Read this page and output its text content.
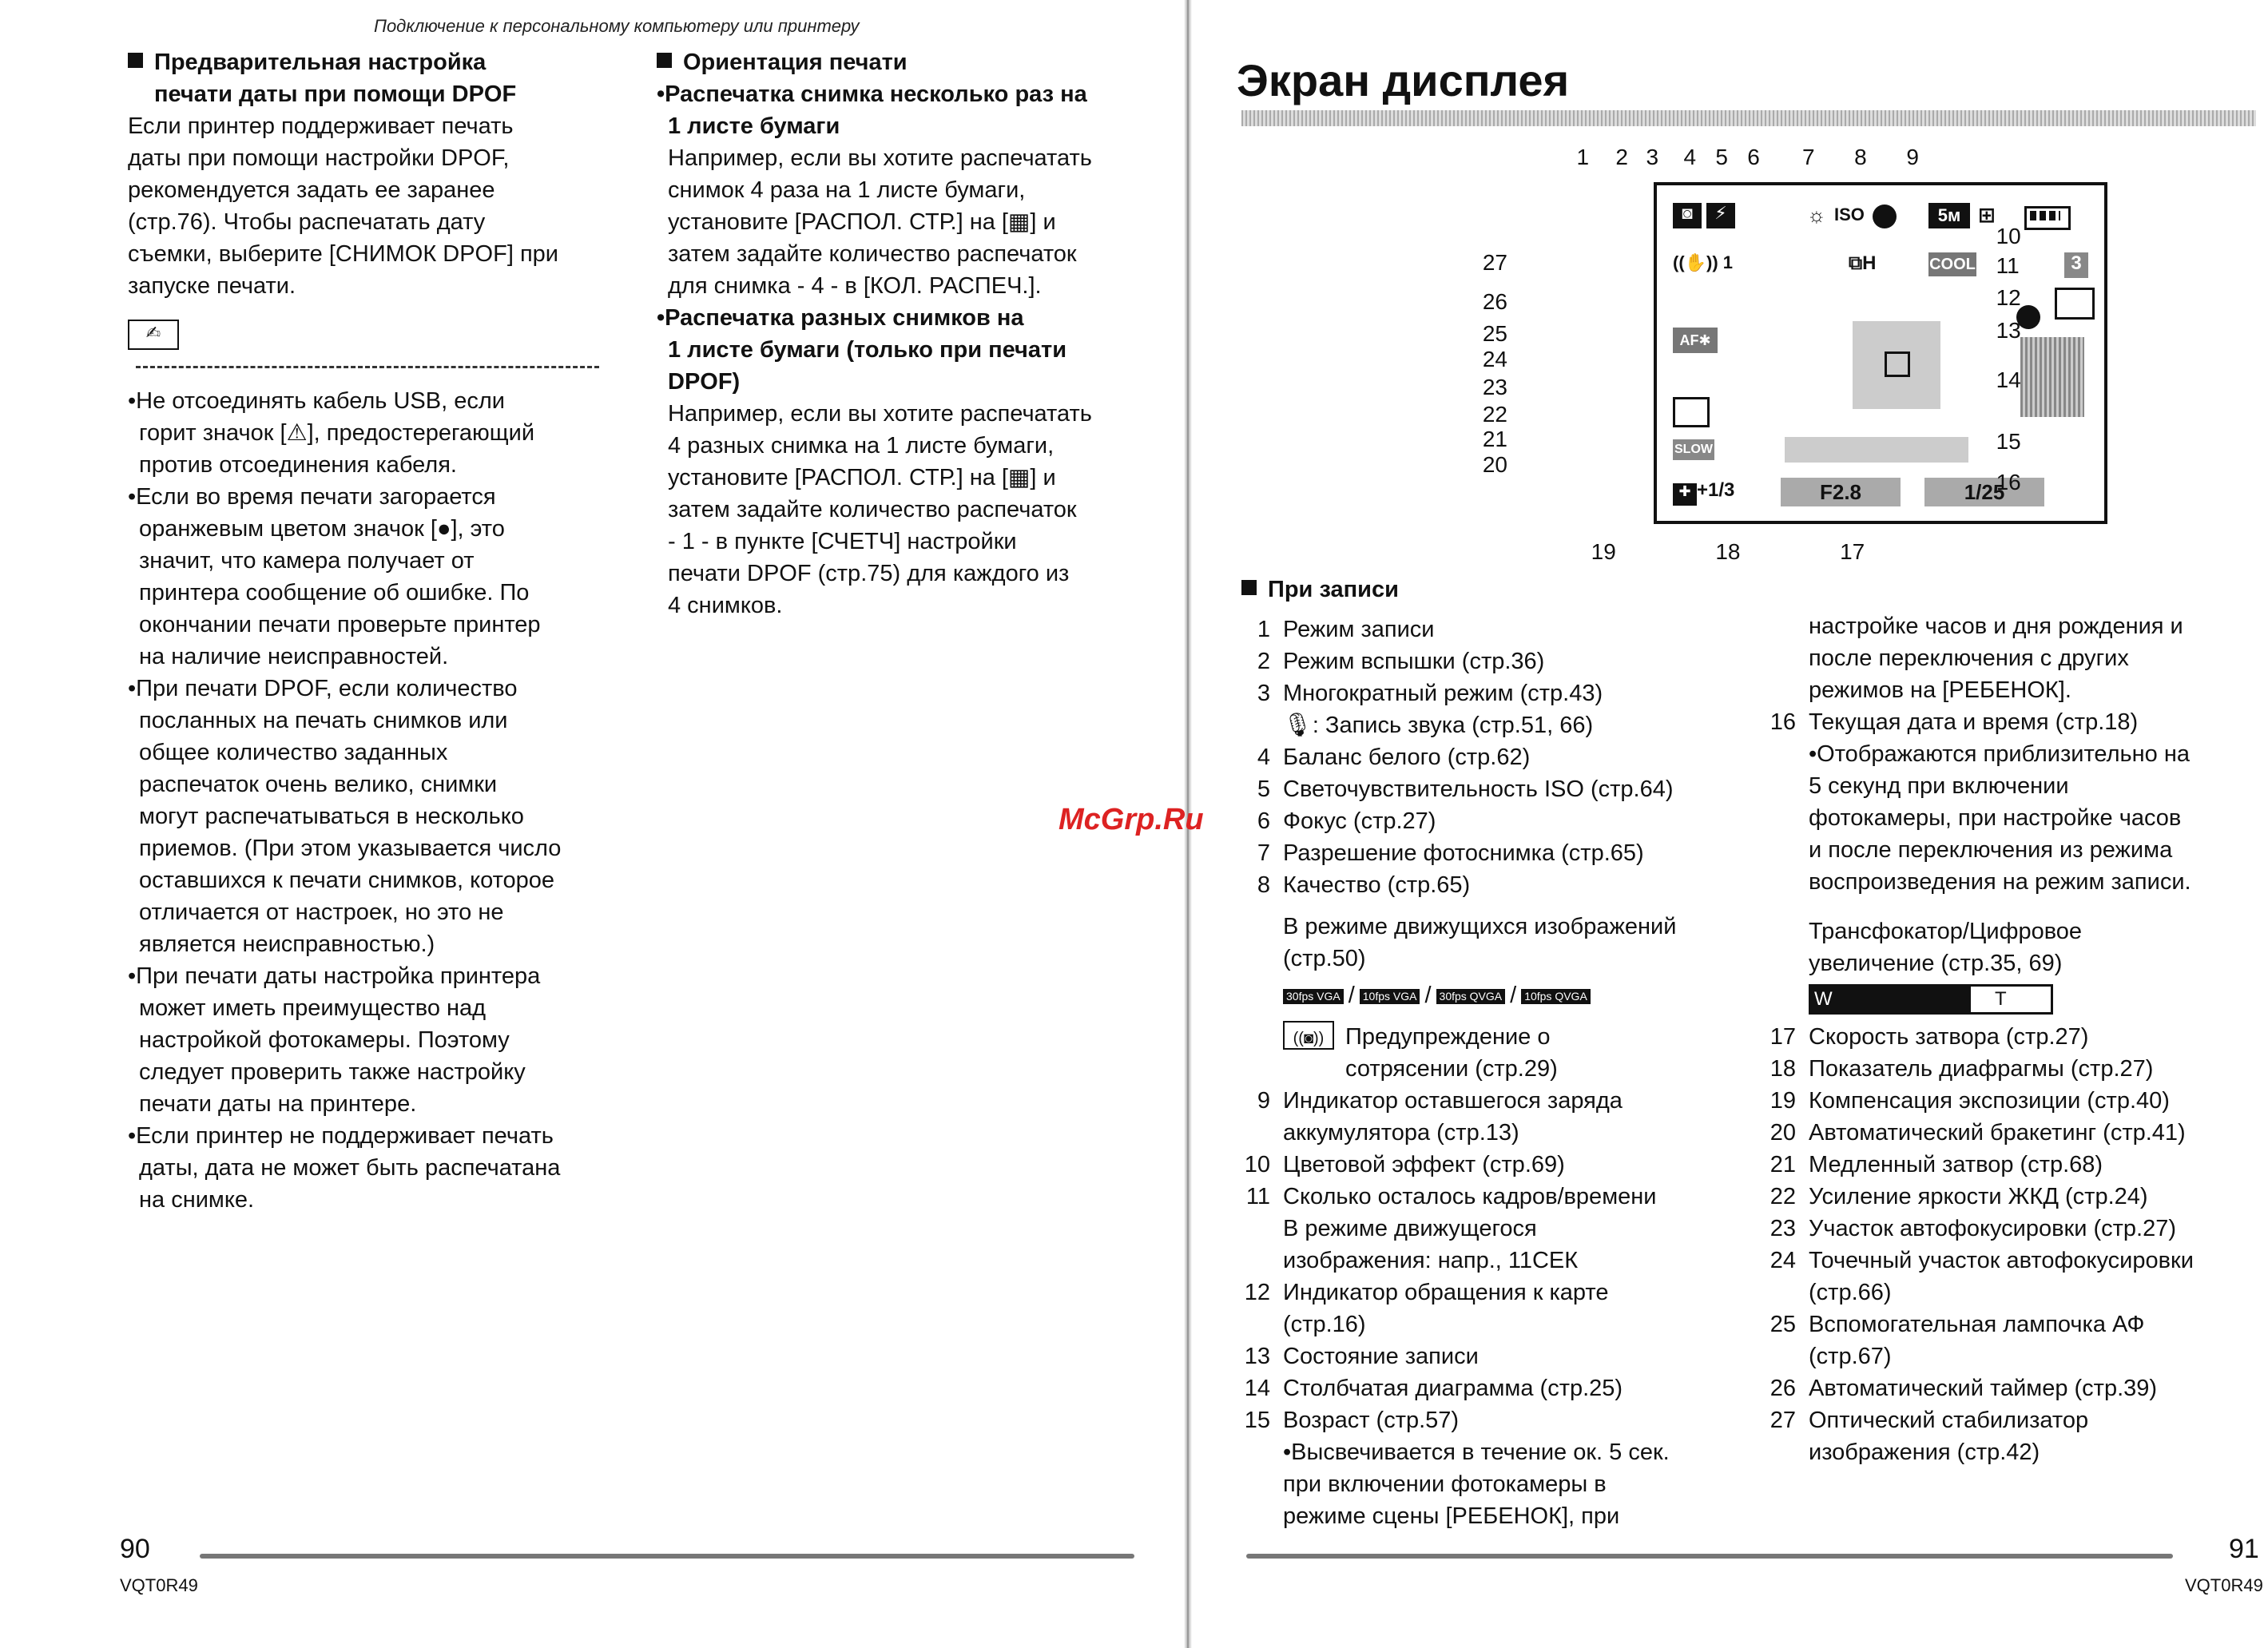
Подключение к персональному компьютеру или принтеру

Предварительная настройка

печати даты при помощи DPOF

Если принтер поддерживает печать

даты при помощи настройки DPOF,

рекомендуется задать ее заранее

(стр.76). Чтобы распечатать дату

съемки, выберите [СНИМОК DPOF] при

запуске печати.

✍

•Не отсоединять кабель USB, если

горит значок [⚠], предостерегающий

против отсоединения кабеля.

•Если во время печати загорается

оранжевым цветом значок [●], это

значит, что камера получает от

принтера сообщение об ошибке. По

окончании печати проверьте принтер

на наличие неисправностей.

•При печати DPOF, если количество

посланных на печать снимков или

общее количество заданных

распечаток очень велико, снимки

могут распечатываться в несколько

приемов. (При этом указывается число

оставшихся к печати снимков, которое

отличается от настроек, но это не

является неисправностью.)

•При печати даты настройка принтера

может иметь преимущество над

настройкой фотокамеры. Поэтому

следует проверить также настройку

печати даты на принтере.

•Если принтер не поддерживает печать

даты, дата не может быть распечатана

на снимке.

Ориентация печати

•Распечатка снимка несколько раз на

1 листе бумаги

Например, если вы хотите распечатать

снимок 4 раза на 1 листе бумаги,

установите [РАСПОЛ. СТР.] на [▦] и

затем задайте количество распечаток

для снимка - 4 - в [КОЛ. РАСПЕЧ.].

•Распечатка разных снимков на

1 листе бумаги (только при печати

DPOF)

Например, если вы хотите распечатать

4 разных снимка на 1 листе бумаги,

установите [РАСПОЛ. СТР.] на [▦] и

затем задайте количество распечаток

- 1 - в пункте [СЧЕТЧ] настройки

печати DPOF (стр.75) для каждого из

4 снимков.

90
VQT0R49
McGrp.Ru
Экран дисплея
◙	⚡	☼ ISO	5м ⊞
((✋)) 1	⧉H	COOL	3
AF✱
SLOW
✚ +1/3	F2.8	1/25
1 2 3 4 5 6 7 8 9
10
11
12
13
14
15
16
19	18	17
27
26
25
24
23
22
21
20
При записи
1 Режим записи
2 Режим вспышки (стр.36)
3 Многократный режим (стр.43)
🎙: Запись звука (стр.51, 66)
4 Баланс белого (стр.62)
5 Светочувствительность ISO (стр.64)
6 Фокус (стр.27)
7 Разрешение фотоснимка (стр.65)
8 Качество (стр.65)

В режиме движущихся изображений

(стр.50)

30fps VGA / 10fps VGA / 30fps QVGA / 10fps QVGA
((◙)) Предупреждение о

сотрясении (стр.29)

9 Индикатор оставшегося заряда
аккумулятора (стр.13)
10 Цветовой эффект (стр.69)
11 Сколько осталось кадров/времени
В режиме движущегося
изображения: напр., 11СЕК
12 Индикатор обращения к карте
(стр.16)
13 Состояние записи
14 Столбчатая диаграмма (стр.25)
15 Возраст (стр.57)

•Высвечивается в течение ок. 5 сек.

при включении фотокамеры в

режиме сцены [РЕБЕНОК], при

настройке часов и дня рождения и

после переключения с других

режимов на [РЕБЕНОК].

16 Текущая дата и время (стр.18)

•Отображаются приблизительно на

5 секунд при включении

фотокамеры, при настройке часов

и после переключения из режима

воспроизведения на режим записи.

Трансфокатор/Цифровое

увеличение (стр.35, 69)

W	T
17 Скорость затвора (стр.27)
18 Показатель диафрагмы (стр.27)
19 Компенсация экспозиции (стр.40)
20 Автоматический бракетинг (стр.41)
21 Медленный затвор (стр.68)
22 Усиление яркости ЖКД (стр.24)
23 Участок автофокусировки (стр.27)
24 Точечный участок автофокусировки
(стр.66)
25 Вспомогательная лампочка АФ
(стр.67)
26 Автоматический таймер (стр.39)
27 Оптический стабилизатор
изображения (стр.42)
91
VQT0R49
